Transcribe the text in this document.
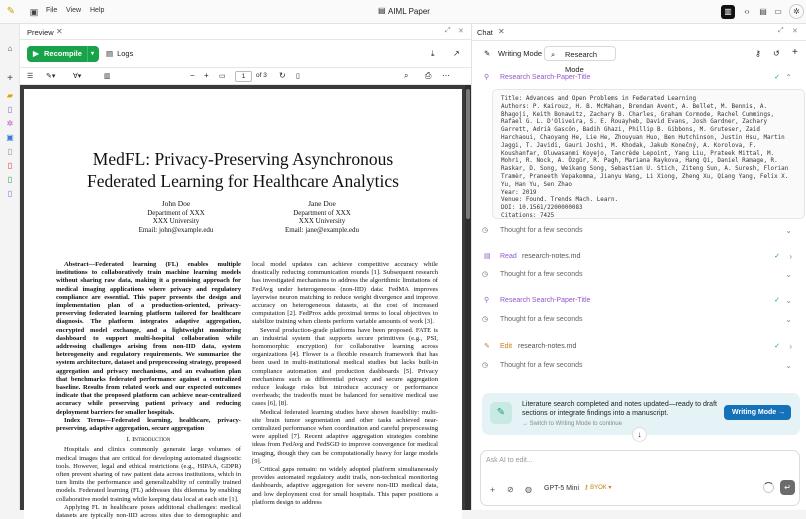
✎	▣	File View Help	▤ AIML Paper	▥	‹›	▤ ▭	✲
⌂
+
▰
▯
✲
▣
▯
▯
▯
▯
Preview ✕	⤢ ✕
▶ Recompile	▾ ▤ Logs	⤓ ↗
☰ ✎▾	∀▾	▥	− + ▭	1	of 3 ↻ ▯	⌕ ⎙ ⋯
MedFL: Privacy-Preserving Asynchronous
Federated Learning for Healthcare Analytics
John Doe
Department of XXX
XXX University
Email: john@example.edu
Jane Doe
Department of XXX
XXX University
Email: jane@example.edu

Abstract—Federated learning (FL) enables multiple institutions to collaboratively train machine learning models without sharing raw data, making it a promising approach for medical imaging applications where privacy and regulatory compliance are essential. This paper presents the design and implementation plan of a production-oriented, privacy-preserving federated learning platform tailored for healthcare diagnosis. The platform integrates adaptive aggregation, encrypted model exchange, and a lightweight monitoring dashboard to support multi-hospital collaboration while addressing challenges arising from non-IID data, system heterogeneity and regulatory requirements. We summarize the system architecture, dataset and preprocessing strategy, proposed aggregation and privacy mechanisms, and an evaluation plan that benchmarks federated performance against a centralized baseline. Results from related work and our expected outcomes indicate that the proposed platform can achieve near-centralized accuracy while preserving patient privacy and reducing deployment barriers for smaller hospitals.

Index Terms—Federated learning, healthcare, privacy-preserving, adaptive aggregation, secure aggregation

I. Introduction

Hospitals and clinics commonly generate large volumes of medical images that are critical for developing automated diagnostic tools. However, legal and ethical restrictions (e.g., HIPAA, GDPR) often prevent sharing of raw patient data across institutions, which in turn limits the performance and generalizability of centrally trained models. Federated learning (FL) addresses this dilemma by enabling collaborative model training while keeping data local at each site [1].

Applying FL in healthcare poses additional challenges: medical datasets are typically non-IID across sites due to demographic and

local model updates can achieve competitive accuracy while drastically reducing communication rounds [1]. Subsequent research has investigated mechanisms to address the algorithmic limitations of FedAvg under heterogeneous (non-IID) data: FedMA improves layerwise neuron matching to reduce weight divergence and improve accuracy on heterogeneous datasets, at the cost of increased computation [2]. FedProx adds proximal terms to local objectives to stabilize training when clients perform variable amounts of work [3].

Several production-grade platforms have been proposed. FATE is an industrial system that supports secure primitives (e.g., PSI, homomorphic encryption) for collaborative learning across organizations [4]. Flower is a flexible research framework that has been used in multi-institutional medical studies but lacks built-in compliance automation and production dashboards [5]. Privacy mechanisms such as differential privacy and secure aggregation reduce leakage risks but introduce accuracy or performance overheads; the tradeoffs must be balanced for sensitive medical use cases [6], [8].

Medical federated learning studies have shown feasibility: multi-site brain tumor segmentation and other tasks achieved near-centralized performance when coordination and careful preprocessing were applied [7]. Recent adaptive aggregation strategies combine ideas from FedAvg and FedSGD to improve convergence for medical imaging, though they can be computationally heavy for large models [9].

Critical gaps remain: no widely adopted platform simultaneously provides automated regulatory audit trails, non-technical monitoring dashboards, adaptive aggregation for severe non-IID medical data, and low deployment cost for small hospitals. This paper positions a platform design to address

Chat ✕	⤢ ✕
✎ Writing Mode ⌕ Research Mode
⚷ ↺ +
⚲ Research Search-Paper-Title	✓ ⌃
Title: Advances and Open Problems in Federated Learning
Authors: P. Kairouz, H. B. McMahan, Brendan Avent, A. Bellet, M. Bennis, A. Bhagoji, Keith Bonawitz, Zachary B. Charles, Graham Cormode, Rachel Cummings, Rafael G. L. D'Oliveira, S. E. Rouayheb, David Evans, Josh Gardner, Zachary Garrett, Adrià Gascón, Badih Ghazi, Phillip B. Gibbons, M. Gruteser, Zaid Harchaoui, Chaoyang He, Lie He, Zhouyuan Huo, Ben Hutchinson, Justin Hsu, Martin Jaggi, T. Javidi, Gauri Joshi, M. Khodak, Jakub Konečný, A. Korolova, F. Koushanfar, Oluwasanmi Koyejo, Tancrède Lepoint, Yang Liu, Prateek Mittal, M. Mohri, R. Nock, A. Özgür, R. Pagh, Mariana Raykova, Hang Qi, Daniel Ramage, R. Raskar, D. Song, Weikang Song, Sebastian U. Stich, Ziteng Sun, A. Suresh, Florian Tramèr, Praneeth Vepakomma, Jianyu Wang, Li Xiong, Zheng Xu, Qiang Yang, Felix X. Yu, Han Yu, Sen Zhao
Year: 2019
Venue: Found. Trends Mach. Learn.
DOI: 10.1561/2200000083
Citations: 7425

◷ Thought for a few seconds	⌄
▤ Read research-notes.md	✓ ›
◷ Thought for a few seconds	⌄
⚲ Research Search-Paper-Title	✓ ⌄
◷ Thought for a few seconds	⌄
✎ Edit research-notes.md	✓ ›
◷ Thought for a few seconds	⌄
✎
Literature search completed and notes updated—ready to draft sections or integrate findings into a manuscript.
→ Switch to Writing Mode to continue
Writing Mode →
↓
Ask AI to edit...
+ ⊘ ◍ GPT-5 Mini ⚷ BYOK ▾	↵
